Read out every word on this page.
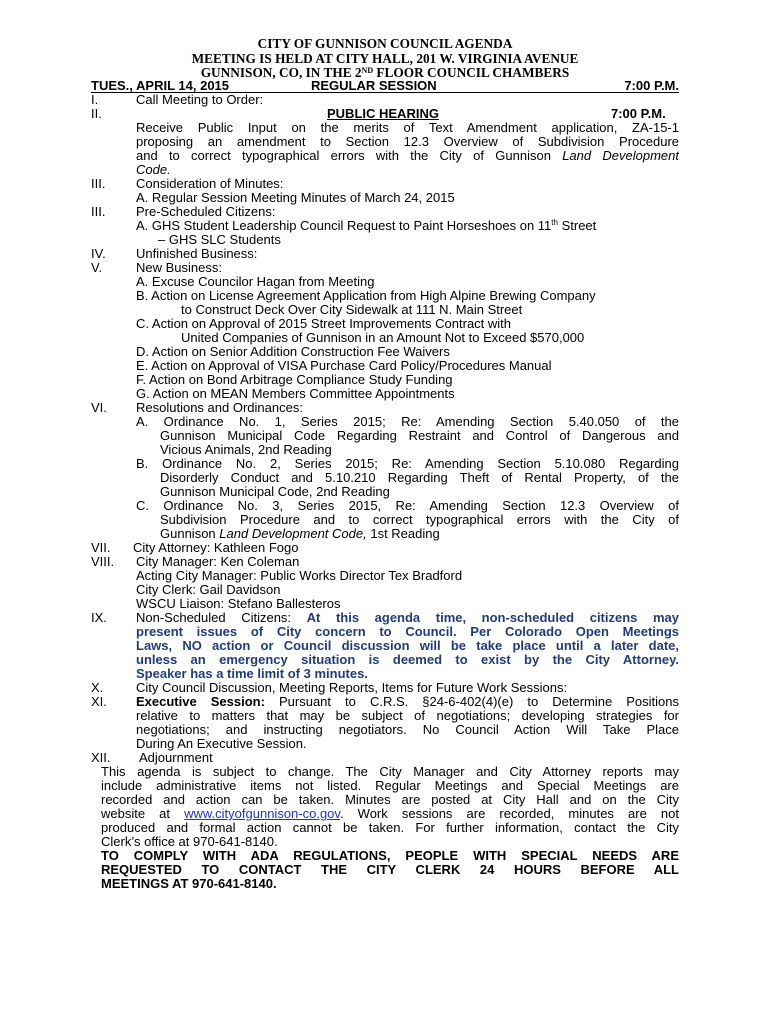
CITY OF GUNNISON COUNCIL AGENDA
MEETING IS HELD AT CITY HALL, 201 W. VIRGINIA AVENUE
GUNNISON, CO, IN THE 2ND FLOOR COUNCIL CHAMBERS
TUES., APRIL 14, 2015	REGULAR SESSION	7:00 P.M.
I.	Call Meeting to Order:
II.	PUBLIC HEARING	7:00 P.M.
Receive Public Input on the merits of Text Amendment application, ZA-15-1
proposing an amendment to Section 12.3 Overview of Subdivision Procedure
and to correct typographical errors with the City of Gunnison Land Development
Code.
III. Consideration of Minutes:
A. Regular Session Meeting Minutes of March 24, 2015
III. Pre-Scheduled Citizens:
A. GHS Student Leadership Council Request to Paint Horseshoes on 11th Street
– GHS SLC Students
IV. Unfinished Business:
V.	New Business:
A. Excuse Councilor Hagan from Meeting
B. Action on License Agreement Application from High Alpine Brewing Company
to Construct Deck Over City Sidewalk at 111 N. Main Street
C. Action on Approval of 2015 Street Improvements Contract with
United Companies of Gunnison in an Amount Not to Exceed $570,000
D. Action on Senior Addition Construction Fee Waivers
E. Action on Approval of VISA Purchase Card Policy/Procedures Manual
F. Action on Bond Arbitrage Compliance Study Funding
G. Action on MEAN Members Committee Appointments
VI. Resolutions and Ordinances:
A. Ordinance No. 1, Series 2015; Re: Amending Section 5.40.050 of the
Gunnison Municipal Code Regarding Restraint and Control of Dangerous and
Vicious Animals, 2nd Reading
B. Ordinance No. 2, Series 2015; Re: Amending Section 5.10.080 Regarding
Disorderly Conduct and 5.10.210 Regarding Theft of Rental Property, of the
Gunnison Municipal Code, 2nd Reading
C. Ordinance No. 3, Series 2015, Re: Amending Section 12.3 Overview of
Subdivision Procedure and to correct typographical errors with the City of
Gunnison Land Development Code, 1st Reading
VII. City Attorney: Kathleen Fogo
VIII. City Manager: Ken Coleman
Acting City Manager: Public Works Director Tex Bradford
City Clerk: Gail Davidson
WSCU Liaison: Stefano Ballesteros
IX. Non-Scheduled Citizens: At this agenda time, non-scheduled citizens may
present issues of City concern to Council. Per Colorado Open Meetings
Laws, NO action or Council discussion will be take place until a later date,
unless an emergency situation is deemed to exist by the City Attorney.
Speaker has a time limit of 3 minutes.
X.	City Council Discussion, Meeting Reports, Items for Future Work Sessions:
XI. Executive Session: Pursuant to C.R.S. §24-6-402(4)(e) to Determine Positions
relative to matters that may be subject of negotiations; developing strategies for
negotiations; and instructing negotiators. No Council Action Will Take Place
During An Executive Session.
XII. Adjournment
This agenda is subject to change. The City Manager and City Attorney reports may
include administrative items not listed. Regular Meetings and Special Meetings are
recorded and action can be taken. Minutes are posted at City Hall and on the City
website at www.cityofgunnison-co.gov. Work sessions are recorded, minutes are not
produced and formal action cannot be taken. For further information, contact the City
Clerk’s office at 970-641-8140.
TO COMPLY WITH ADA REGULATIONS, PEOPLE WITH SPECIAL NEEDS ARE
REQUESTED TO CONTACT THE CITY CLERK 24 HOURS BEFORE ALL
MEETINGS AT 970-641-8140.
